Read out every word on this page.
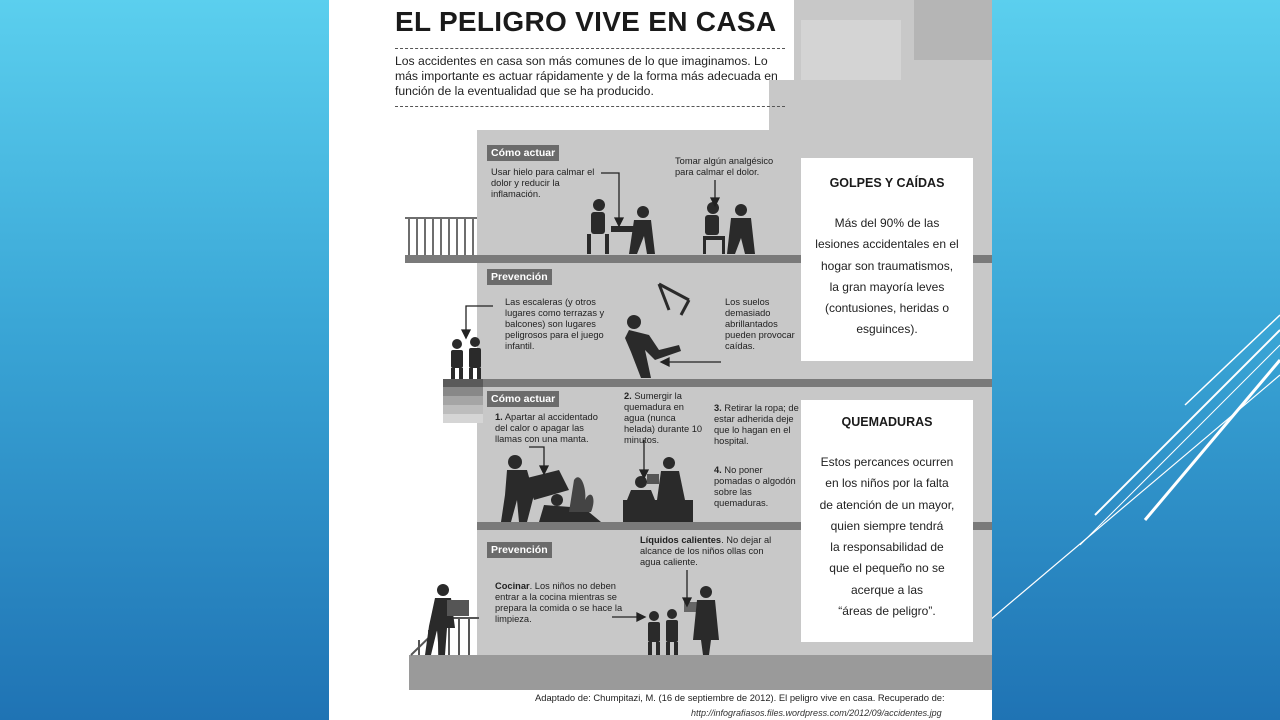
EL PELIGRO VIVE EN CASA
Los accidentes en casa son más comunes de lo que imaginamos. Lo más importante es actuar rápidamente y de la forma más adecuada en función de la eventualidad que se ha producido.
Cómo actuar
Usar hielo para calmar el dolor y reducir la inflamación.
Tomar algún analgésico para calmar el dolor.
Prevención
Las escaleras (y otros lugares como terrazas y balcones) son lugares peligrosos para el juego infantil.
Los suelos demasiado abrillantados pueden provocar caídas.
Cómo actuar
1. Apartar al accidentado del calor o apagar las llamas con una manta.
2. Sumergir la quemadura en agua (nunca helada) durante 10 minutos.
3. Retirar la ropa; de estar adherida deje que lo hagan en el hospital.
4. No poner pomadas o algodón sobre las quemaduras.
Prevención
Líquidos calientes. No dejar al alcance de los niños ollas con agua caliente.
Cocinar. Los niños no deben entrar a la cocina mientras se prepara la comida o se hace la limpieza.
GOLPES Y CAÍDAS
Más del 90% de las
lesiones accidentales en el
hogar son traumatismos,
la gran mayoría leves
(contusiones, heridas o
esguinces).
QUEMADURAS
Estos percances ocurren
en los niños por la falta
de atención de un mayor,
quien siempre tendrá
la responsabilidad de
que el pequeño no se
acerque a las
“áreas de peligro”.
Adaptado de: Chumpitazi, M. (16 de septiembre de 2012). El peligro vive en casa. Recuperado de:
http://infografiasos.files.wordpress.com/2012/09/accidentes.jpg
